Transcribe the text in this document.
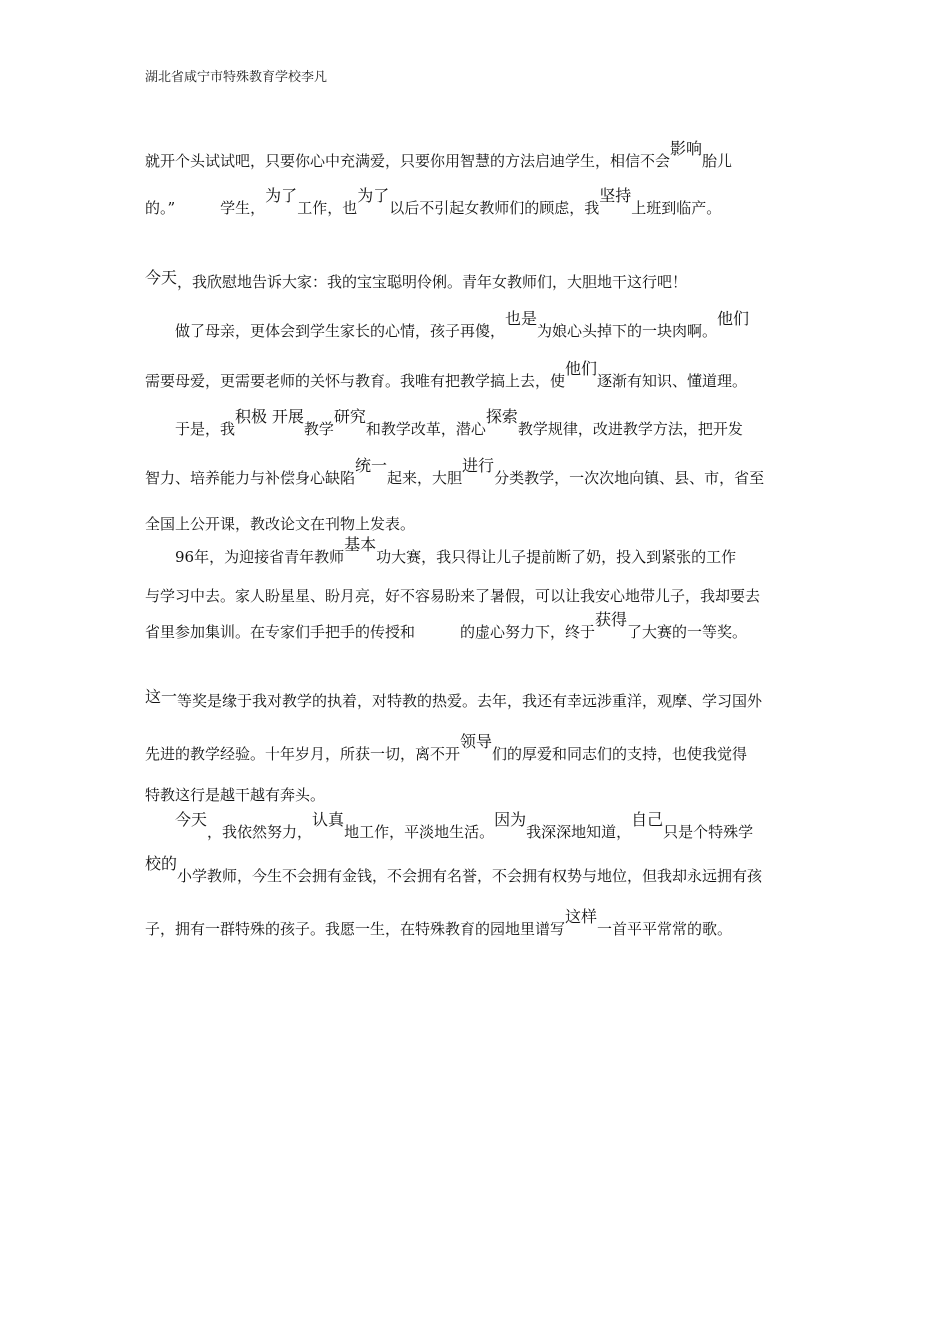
湖北省咸宁市特殊教育学校李凡
就开个头试试吧，只要你心中充满爱，只要你用智慧的方法启迪学生，相信不会影响胎儿
的。”　　　学生，为了工作，也为了以后不引起女教师们的顾虑，我坚持上班到临产。
今天，我欣慰地告诉大家：我的宝宝聪明伶俐。青年女教师们，大胆地干这行吧！
　　做了母亲，更体会到学生家长的心情，孩子再傻，也是为娘心头掉下的一块肉啊。他们
需要母爱，更需要老师的关怀与教育。我唯有把教学搞上去，使他们逐渐有知识、懂道理。
　　于是，我积极 开展教学研究和教学改革，潜心探索教学规律，改进教学方法，把开发
智力、培养能力与补偿身心缺陷统一起来，大胆进行分类教学，一次次地向镇、县、市，省至
全国上公开课，教改论文在刊物上发表。
　　96年，为迎接省青年教师基本功大赛，我只得让儿子提前断了奶，投入到紧张的工作
与学习中去。家人盼星星、盼月亮，好不容易盼来了暑假，可以让我安心地带儿子，我却要去
省里参加集训。在专家们手把手的传授和　　　的虚心努力下，终于获得了大赛的一等奖。
这一等奖是缘于我对教学的执着，对特教的热爱。去年，我还有幸远涉重洋，观摩、学习国外
先进的教学经验。十年岁月，所获一切，离不开领导们的厚爱和同志们的支持，也使我觉得
特教这行是越干越有奔头。
　　今天，我依然努力，认真地工作，平淡地生活。因为我深深地知道，自己只是个特殊学
校的小学教师，今生不会拥有金钱，不会拥有名誉，不会拥有权势与地位，但我却永远拥有孩
子，拥有一群特殊的孩子。我愿一生，在特殊教育的园地里谱写这样一首平平常常的歌。
